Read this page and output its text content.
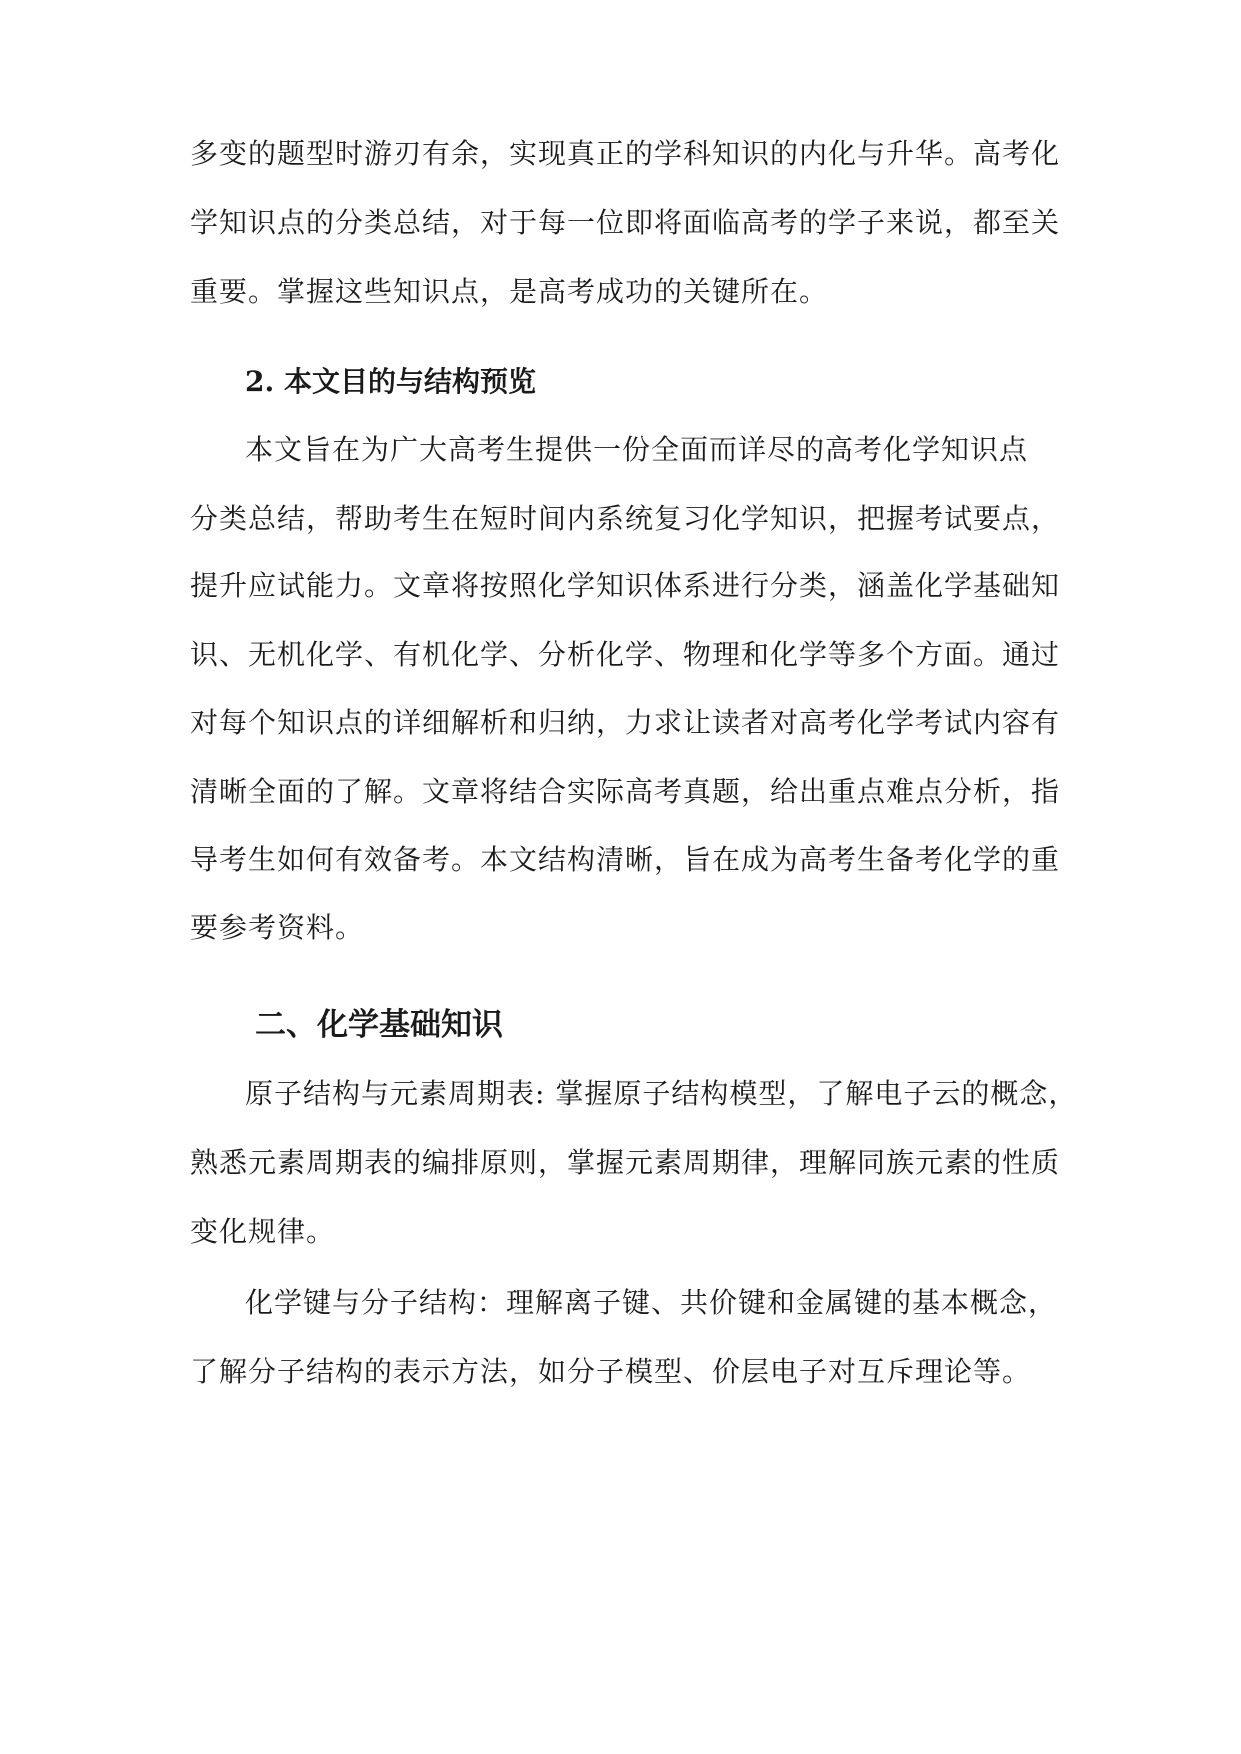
多变的题型时游刃有余，实现真正的学科知识的内化与升华。高考化
学知识点的分类总结，对于每一位即将面临高考的学子来说，都至关
重要。掌握这些知识点，是高考成功的关键所在。
2. 本文目的与结构预览
本文旨在为广大高考生提供一份全面而详尽的高考化学知识点
分类总结，帮助考生在短时间内系统复习化学知识，把握考试要点，
提升应试能力。文章将按照化学知识体系进行分类，涵盖化学基础知
识、无机化学、有机化学、分析化学、物理和化学等多个方面。通过
对每个知识点的详细解析和归纳，力求让读者对高考化学考试内容有
清晰全面的了解。文章将结合实际高考真题，给出重点难点分析，指
导考生如何有效备考。本文结构清晰，旨在成为高考生备考化学的重
要参考资料。
二、化学基础知识
原子结构与元素周期表: 掌握原子结构模型，了解电子云的概念，
熟悉元素周期表的编排原则，掌握元素周期律，理解同族元素的性质
变化规律。
化学键与分子结构：理解离子键、共价键和金属键的基本概念，
了解分子结构的表示方法，如分子模型、价层电子对互斥理论等。
